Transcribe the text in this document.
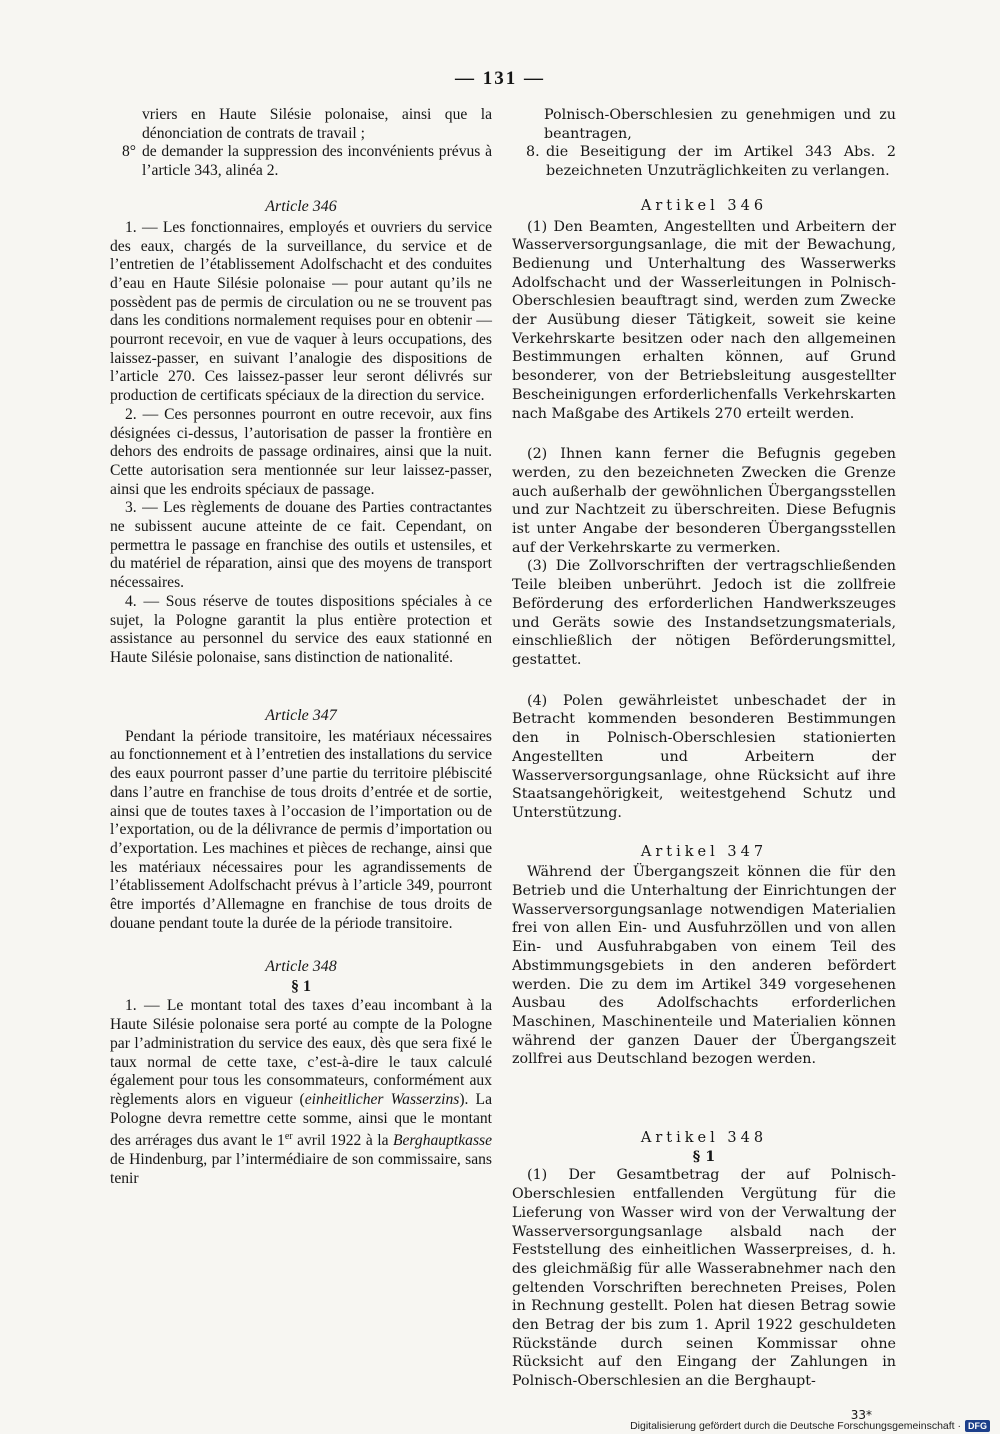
— 131 —

vriers en Haute Silésie polonaise, ainsi que la dénonciation de contrats de travail ;

8° de demander la suppression des inconvénients prévus à l’article 343, alinéa 2.

Article 346

1. — Les fonctionnaires, employés et ouvriers du service des eaux, chargés de la surveillance, du service et de l’entretien de l’établissement Adolfschacht et des conduites d’eau en Haute Silésie polonaise — pour autant qu’ils ne possèdent pas de permis de circulation ou ne se trouvent pas dans les conditions normalement requises pour en obtenir — pourront recevoir, en vue de vaquer à leurs occupations, des laissez-passer, en suivant l’analogie des dispositions de l’article 270. Ces laissez-passer leur seront délivrés sur production de certificats spéciaux de la direction du service.

2. — Ces personnes pourront en outre recevoir, aux fins désignées ci-dessus, l’autorisation de passer la frontière en dehors des endroits de passage ordinaires, ainsi que la nuit. Cette autorisation sera mentionnée sur leur laissez-passer, ainsi que les endroits spéciaux de passage.

3. — Les règlements de douane des Parties contractantes ne subissent aucune atteinte de ce fait. Cependant, on permettra le passage en franchise des outils et ustensiles, et du matériel de réparation, ainsi que des moyens de transport nécessaires.

4. — Sous réserve de toutes dispositions spéciales à ce sujet, la Pologne garantit la plus entière protection et assistance au personnel du service des eaux stationné en Haute Silésie polonaise, sans distinction de nationalité.

Article 347

Pendant la période transitoire, les matériaux nécessaires au fonctionnement et à l’entretien des installations du service des eaux pourront passer d’une partie du territoire plébiscité dans l’autre en franchise de tous droits d’entrée et de sortie, ainsi que de toutes taxes à l’occasion de l’importation ou de l’exportation, ou de la délivrance de permis d’importation ou d’exportation. Les machines et pièces de rechange, ainsi que les matériaux nécessaires pour les agrandissements de l’établissement Adolfschacht prévus à l’article 349, pourront être importés d’Allemagne en franchise de tous droits de douane pendant toute la durée de la période transitoire.

Article 348

§ 1

1. — Le montant total des taxes d’eau incombant à la Haute Silésie polonaise sera porté au compte de la Pologne par l’administration du service des eaux, dès que sera fixé le taux normal de cette taxe, c’est-à-dire le taux calculé également pour tous les consommateurs, conformément aux règlements alors en vigueur (einheitlicher Wasserzins). La Pologne devra remettre cette somme, ainsi que le montant des arrérages dus avant le 1er avril 1922 à la Berghauptkasse de Hindenburg, par l’intermédiaire de son commissaire, sans tenir

Polnisch-Oberschlesien zu genehmigen und zu beantragen,

8. die Beseitigung der im Artikel 343 Abs. 2 bezeichneten Unzuträglichkeiten zu verlangen.

Artikel 346

(1) Den Beamten, Angestellten und Arbeitern der Wasserversorgungsanlage, die mit der Bewachung, Bedienung und Unterhaltung des Wasserwerks Adolfschacht und der Wasserleitungen in Polnisch-Oberschlesien beauftragt sind, werden zum Zwecke der Ausübung dieser Tätigkeit, soweit sie keine Verkehrskarte besitzen oder nach den allgemeinen Bestimmungen erhalten können, auf Grund besonderer, von der Betriebsleitung ausgestellter Bescheinigungen erforderlichenfalls Verkehrskarten nach Maßgabe des Artikels 270 erteilt werden.

(2) Ihnen kann ferner die Befugnis gegeben werden, zu den bezeichneten Zwecken die Grenze auch außerhalb der gewöhnlichen Übergangsstellen und zur Nachtzeit zu überschreiten. Diese Befugnis ist unter Angabe der besonderen Übergangsstellen auf der Verkehrskarte zu vermerken.

(3) Die Zollvorschriften der vertragschließenden Teile bleiben unberührt. Jedoch ist die zollfreie Beförderung des erforderlichen Handwerkszeuges und Geräts sowie des Instandsetzungsmaterials, einschließlich der nötigen Beförderungsmittel, gestattet.

(4) Polen gewährleistet unbeschadet der in Betracht kommenden besonderen Bestimmungen den in Polnisch-Oberschlesien stationierten Angestellten und Arbeitern der Wasserversorgungsanlage, ohne Rücksicht auf ihre Staatsangehörigkeit, weitestgehend Schutz und Unterstützung.

Artikel 347

Während der Übergangszeit können die für den Betrieb und die Unterhaltung der Einrichtungen der Wasserversorgungsanlage notwendigen Materialien frei von allen Ein- und Ausfuhrzöllen und von allen Ein- und Ausfuhrabgaben von einem Teil des Abstimmungsgebiets in den anderen befördert werden. Die zu dem im Artikel 349 vorgesehenen Ausbau des Adolfschachts erforderlichen Maschinen, Maschinenteile und Materialien können während der ganzen Dauer der Übergangszeit zollfrei aus Deutschland bezogen werden.

Artikel 348

§ 1

(1) Der Gesamtbetrag der auf Polnisch-Oberschlesien entfallenden Vergütung für die Lieferung von Wasser wird von der Verwaltung der Wasserversorgungsanlage alsbald nach der Feststellung des einheitlichen Wasserpreises, d. h. des gleichmäßig für alle Wasserabnehmer nach den geltenden Vorschriften berechneten Preises, Polen in Rechnung gestellt. Polen hat diesen Betrag sowie den Betrag der bis zum 1. April 1922 geschuldeten Rückstände durch seinen Kommissar ohne Rücksicht auf den Eingang der Zahlungen in Polnisch-Oberschlesien an die Berghaupt-

33*
Digitalisierung gefördert durch die Deutsche Forschungsgemeinschaft · DFG
